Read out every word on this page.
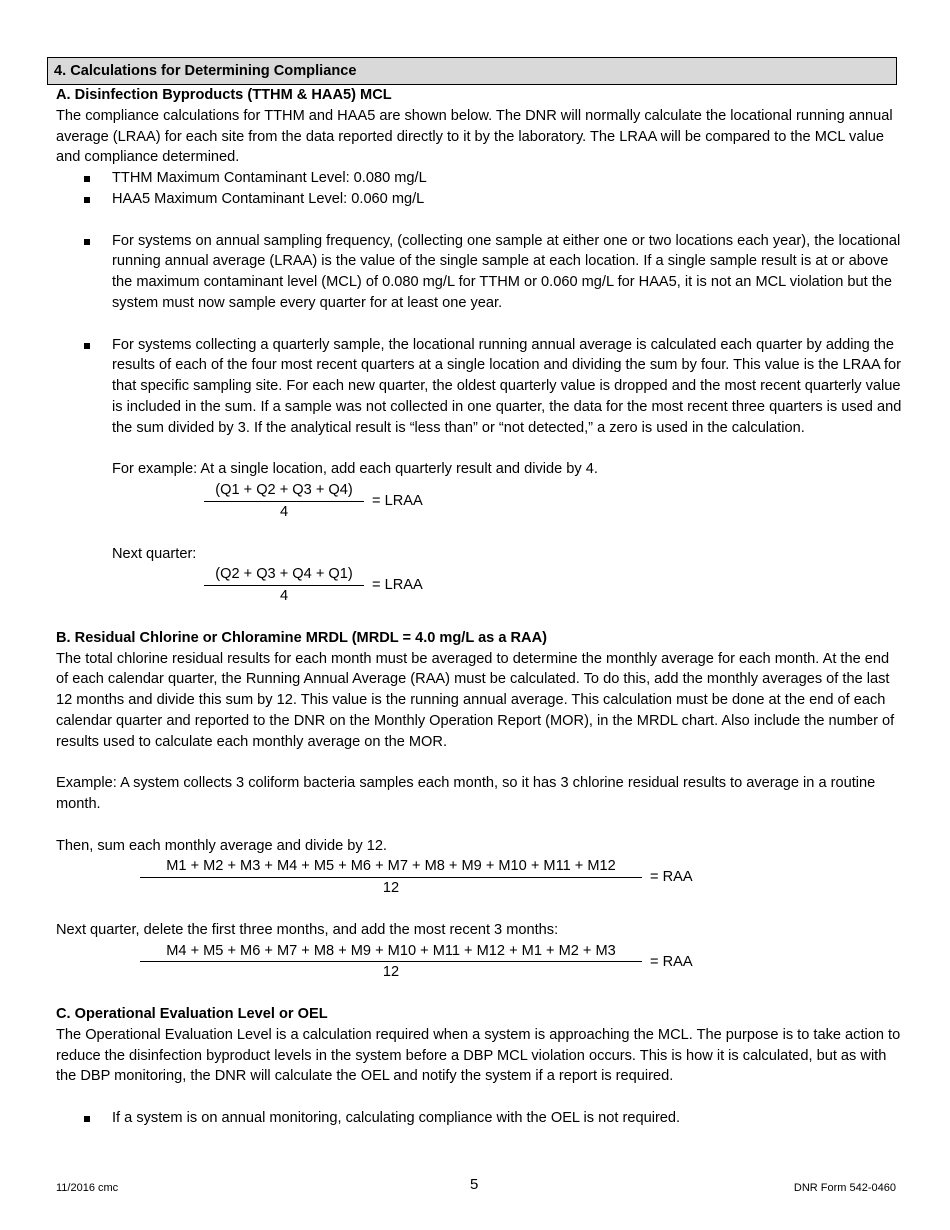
4. Calculations for Determining Compliance
A. Disinfection Byproducts (TTHM & HAA5) MCL

The compliance calculations for TTHM and HAA5 are shown below. The DNR will normally calculate the locational running annual average (LRAA) for each site from the data reported directly to it by the laboratory. The LRAA will be compared to the MCL value and compliance determined.

TTHM Maximum Contaminant Level: 0.080 mg/L
HAA5 Maximum Contaminant Level: 0.060 mg/L
For systems on annual sampling frequency, (collecting one sample at either one or two locations each year), the locational running annual average (LRAA) is the value of the single sample at each location. If a single sample result is at or above the maximum contaminant level (MCL) of 0.080 mg/L for TTHM or 0.060 mg/L for HAA5, it is not an MCL violation but the system must now sample every quarter for at least one year.
For systems collecting a quarterly sample, the locational running annual average is calculated each quarter by adding the results of each of the four most recent quarters at a single location and dividing the sum by four. This value is the LRAA for that specific sampling site. For each new quarter, the oldest quarterly value is dropped and the most recent quarterly value is included in the sum. If a sample was not collected in one quarter, the data for the most recent three quarters is used and the sum divided by 3. If the analytical result is “less than” or “not detected,” a zero is used in the calculation.

For example: At a single location, add each quarterly result and divide by 4.

$\frac{(Q1 + Q2 + Q3 + Q4)}{4}$ = LRAA

Next quarter:

$\frac{(Q2 + Q3 + Q4 + Q1)}{4}$ = LRAA
B. Residual Chlorine or Chloramine MRDL (MRDL = 4.0 mg/L as a RAA)

The total chlorine residual results for each month must be averaged to determine the monthly average for each month. At the end of each calendar quarter, the Running Annual Average (RAA) must be calculated. To do this, add the monthly averages of the last 12 months and divide this sum by 12. This value is the running annual average. This calculation must be done at the end of each calendar quarter and reported to the DNR on the Monthly Operation Report (MOR), in the MRDL chart. Also include the number of results used to calculate each monthly average on the MOR.

Example: A system collects 3 coliform bacteria samples each month, so it has 3 chlorine residual results to average in a routine month.

Then, sum each monthly average and divide by 12.

$\frac{M1 + M2 + M3 + M4 + M5 + M6 + M7 + M8 + M9 + M10 + M11 + M12}{12}$ = RAA

Next quarter, delete the first three months, and add the most recent 3 months:

$\frac{M4 + M5 + M6 + M7 + M8 + M9 + M10 + M11 + M12 + M1 + M2 + M3}{12}$ = RAA
C. Operational Evaluation Level or OEL

The Operational Evaluation Level is a calculation required when a system is approaching the MCL. The purpose is to take action to reduce the disinfection byproduct levels in the system before a DBP MCL violation occurs. This is how it is calculated, but as with the DBP monitoring, the DNR will calculate the OEL and notify the system if a report is required.

If a system is on annual monitoring, calculating compliance with the OEL is not required.
11/2016 cmc	5	DNR Form 542-0460
